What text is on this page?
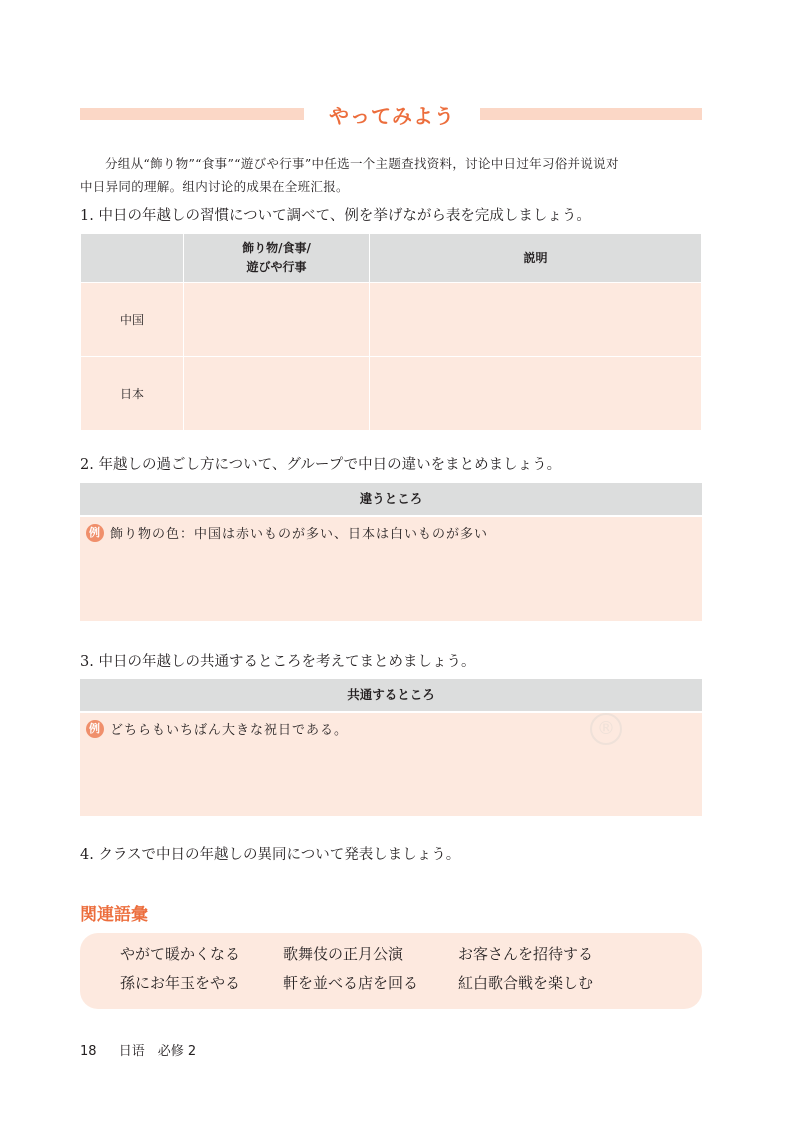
やってみよう
分组从“飾り物”“食事”“遊びや行事”中任选一个主题查找资料，讨论中日过年习俗并说说对
中日异同的理解。组内讨论的成果在全班汇报。
1. 中日の年越しの習慣について調べて、例を挙げながら表を完成しましょう。

	飾り物/食事/
遊びや行事	説明
中国		
日本		
2. 年越しの過ごし方について、グループで中日の違いをまとめましょう。
違うところ
例 飾り物の色：中国は赤いものが多い、日本は白いものが多い
3. 中日の年越しの共通するところを考えてまとめましょう。
共通するところ
例 どちらもいちばん大きな祝日である。	®
4. クラスで中日の年越しの異同について発表しましょう。
関連語彙
やがて暖かくなる	歌舞伎の正月公演	お客さんを招待する
孫にお年玉をやる	軒を並べる店を回る	紅白歌合戦を楽しむ
18 日语　必修 2
